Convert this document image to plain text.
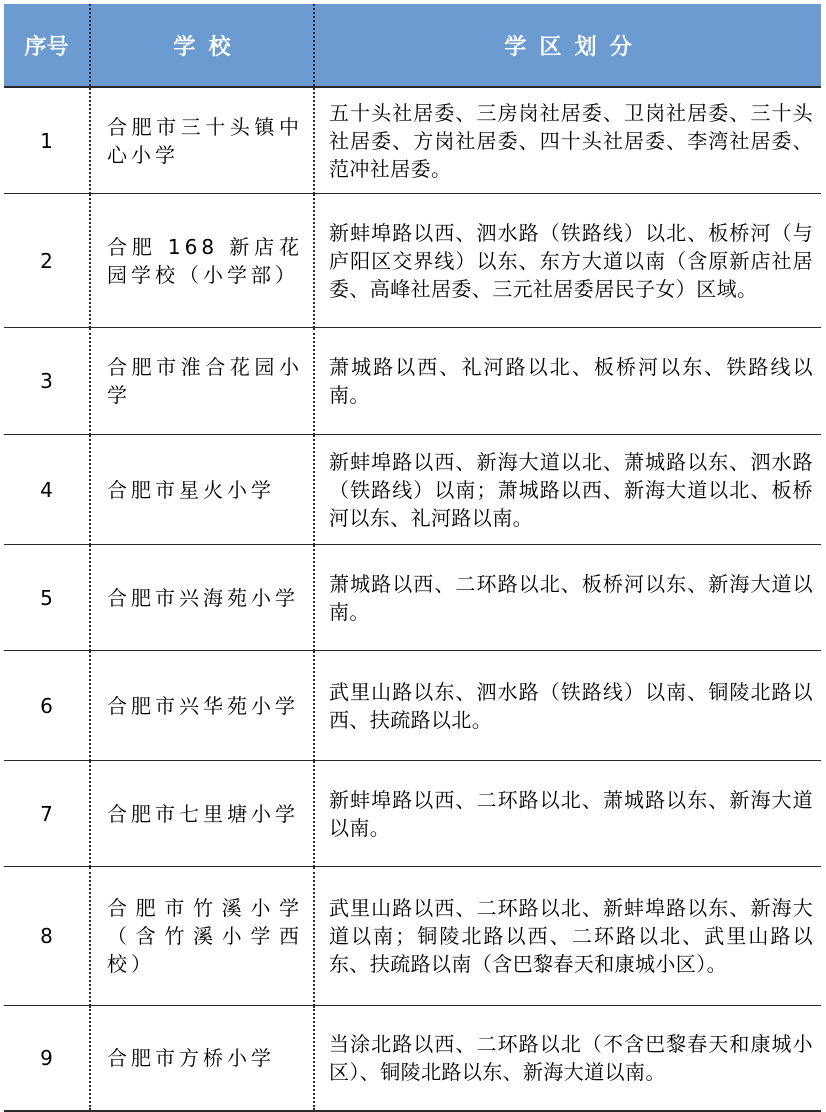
序号	学校	学区划分
1	合肥市三十头镇中心小学	五十头社居委、三房岗社居委、卫岗社居委、三十头社居委、方岗社居委、四十头社居委、李湾社居委、范冲社居委。
2	合肥 168 新店花园学校（小学部）	新蚌埠路以西、泗水路（铁路线）以北、板桥河（与庐阳区交界线）以东、东方大道以南（含原新店社居委、高峰社居委、三元社居委居民子女）区域。
3	合肥市淮合花园小学	萧城路以西、礼河路以北、板桥河以东、铁路线以南。
4	合肥市星火小学	新蚌埠路以西、新海大道以北、萧城路以东、泗水路（铁路线）以南；萧城路以西、新海大道以北、板桥河以东、礼河路以南。
5	合肥市兴海苑小学	萧城路以西、二环路以北、板桥河以东、新海大道以南。
6	合肥市兴华苑小学	武里山路以东、泗水路（铁路线）以南、铜陵北路以西、扶疏路以北。
7	合肥市七里塘小学	新蚌埠路以西、二环路以北、萧城路以东、新海大道以南。
8	合肥市竹溪小学（含竹溪小学西校）	武里山路以西、二环路以北、新蚌埠路以东、新海大道以南；铜陵北路以西、二环路以北、武里山路以东、扶疏路以南（含巴黎春天和康城小区）。
9	合肥市方桥小学	当涂北路以西、二环路以北（不含巴黎春天和康城小区）、铜陵北路以东、新海大道以南。
